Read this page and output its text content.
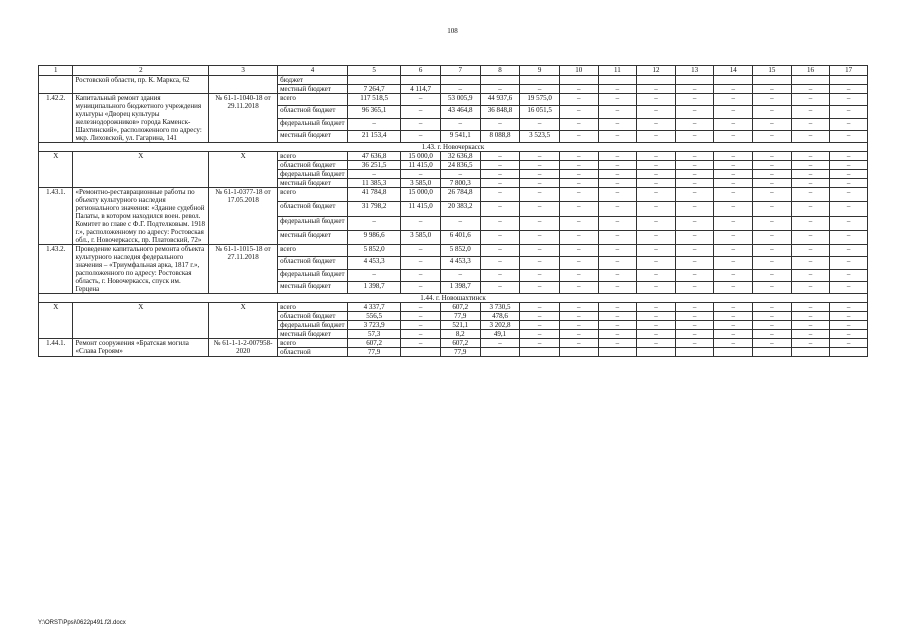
108
1	2	3	4	5	6	7	8	9	10	11	12	13	14	15	16	17
	Ростовской области, пр. К. Маркса, 62		бюджет													
			местный бюджет	7 264,7	4 114,7	–	–	–	–	–	–	–	–	–	–	–
1.42.2.	Капитальный ремонт здания муниципального бюджетного учреждения культуры «Дворец культуры железнодорожников» города Каменск-Шахтинский», расположенного по адресу: мкр. Лиховской, ул. Гагарина, 141	№ 61-1-1040-18 от 29.11.2018	всего	117 518,5	–	53 005,9	44 937,6	19 575,0	–	–	–	–	–	–	–	–
			областной бюджет	96 365,1	–	43 464,8	36 848,8	16 051,5	–	–	–	–	–	–	–	–
			федеральный бюджет	–	–	–	–	–	–	–	–	–	–	–	–	–
			местный бюджет	21 153,4	–	9 541,1	8 088,8	3 523,5	–	–	–	–	–	–	–	–
1.43. г. Новочеркасск																
Х	Х	Х	всего	47 636,8	15 000,0	32 636,8	–	–	–	–	–	–	–	–	–	–
			областной бюджет	36 251,5	11 415,0	24 836,5	–	–	–	–	–	–	–	–	–	–
			федеральный бюджет	–	–	–	–	–	–	–	–	–	–	–	–	–
			местный бюджет	11 385,3	3 585,0	7 800,3	–	–	–	–	–	–	–	–	–	–
1.43.1.	«Ремонтно-реставрационные работы по объекту культурного наследия регионального значения: «Здание судебной Палаты, в котором находился воен. револ. Комитет во главе с Ф.Г. Подтелковым. 1918 г.», расположенному по адресу: Ростовская обл., г. Новочеркасск, пр. Платовский, 72»	№ 61-1-0377-18 от 17.05.2018	всего	41 784,8	15 000,0	26 784,8	–	–	–	–	–	–	–	–	–	–
			областной бюджет	31 798,2	11 415,0	20 383,2	–	–	–	–	–	–	–	–	–	–
			федеральный бюджет	–	–	–	–	–	–	–	–	–	–	–	–	–
			местный бюджет	9 986,6	3 585,0	6 401,6	–	–	–	–	–	–	–	–	–	–
1.43.2.	Проведение капитального ремонта объекта культурного наследия федерального значения – «Триумфальная арка, 1817 г.», расположенного по адресу: Ростовская область, г. Новочеркасск, спуск им. Герцена	№ 61-1-1015-18 от 27.11.2018	всего	5 852,0	–	5 852,0	–	–	–	–	–	–	–	–	–	–
			областной бюджет	4 453,3	–	4 453,3	–	–	–	–	–	–	–	–	–	–
			федеральный бюджет	–	–	–	–	–	–	–	–	–	–	–	–	–
			местный бюджет	1 398,7	–	1 398,7	–	–	–	–	–	–	–	–	–	–
1.44. г. Новошахтинск																
Х	Х	Х	всего	4 337,7	–	607,2	3 730,5	–	–	–	–	–	–	–	–	–
			областной бюджет	556,5	–	77,9	478,6	–	–	–	–	–	–	–	–	–
			федеральный бюджет	3 723,9	–	521,1	3 202,8	–	–	–	–	–	–	–	–	–
			местный бюджет	57,3	–	8,2	49,1	–	–	–	–	–	–	–	–	–
1.44.1.	Ремонт сооружения «Братская могила «Слава Героям»	№ 61-1-1-2-007958-2020	всего	607,2	–	607,2	–	–	–	–	–	–	–	–	–	–
			областной	77,9		77,9										
Y:\ORST\Ppsi\0622p491.f2l.docx
